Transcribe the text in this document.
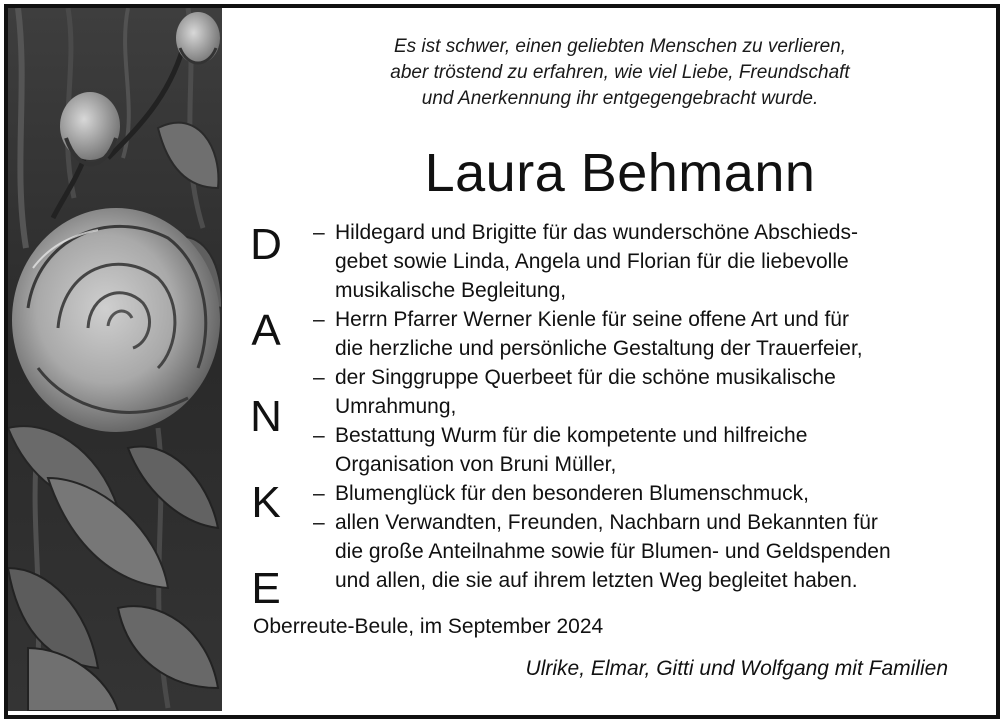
Es ist schwer, einen geliebten Menschen zu verlieren,
aber tröstend zu erfahren, wie viel Liebe, Freundschaft
und Anerkennung ihr entgegengebracht wurde.
Laura Behmann
D
A
N
K
E
– Hildegard und Brigitte für das wunderschöne Abschieds-
gebet sowie Linda, Angela und Florian für die liebevolle
musikalische Begleitung,
– Herrn Pfarrer Werner Kienle für seine offene Art und für
die herzliche und persönliche Gestaltung der Trauerfeier,
– der Singgruppe Querbeet für die schöne musikalische
Umrahmung,
– Bestattung Wurm für die kompetente und hilfreiche
Organisation von Bruni Müller,
– Blumenglück für den besonderen Blumenschmuck,
– allen Verwandten, Freunden, Nachbarn und Bekannten für
die große Anteilnahme sowie für Blumen- und Geldspenden
und allen, die sie auf ihrem letzten Weg begleitet haben.
Oberreute-Beule, im September 2024
Ulrike, Elmar, Gitti und Wolfgang mit Familien
